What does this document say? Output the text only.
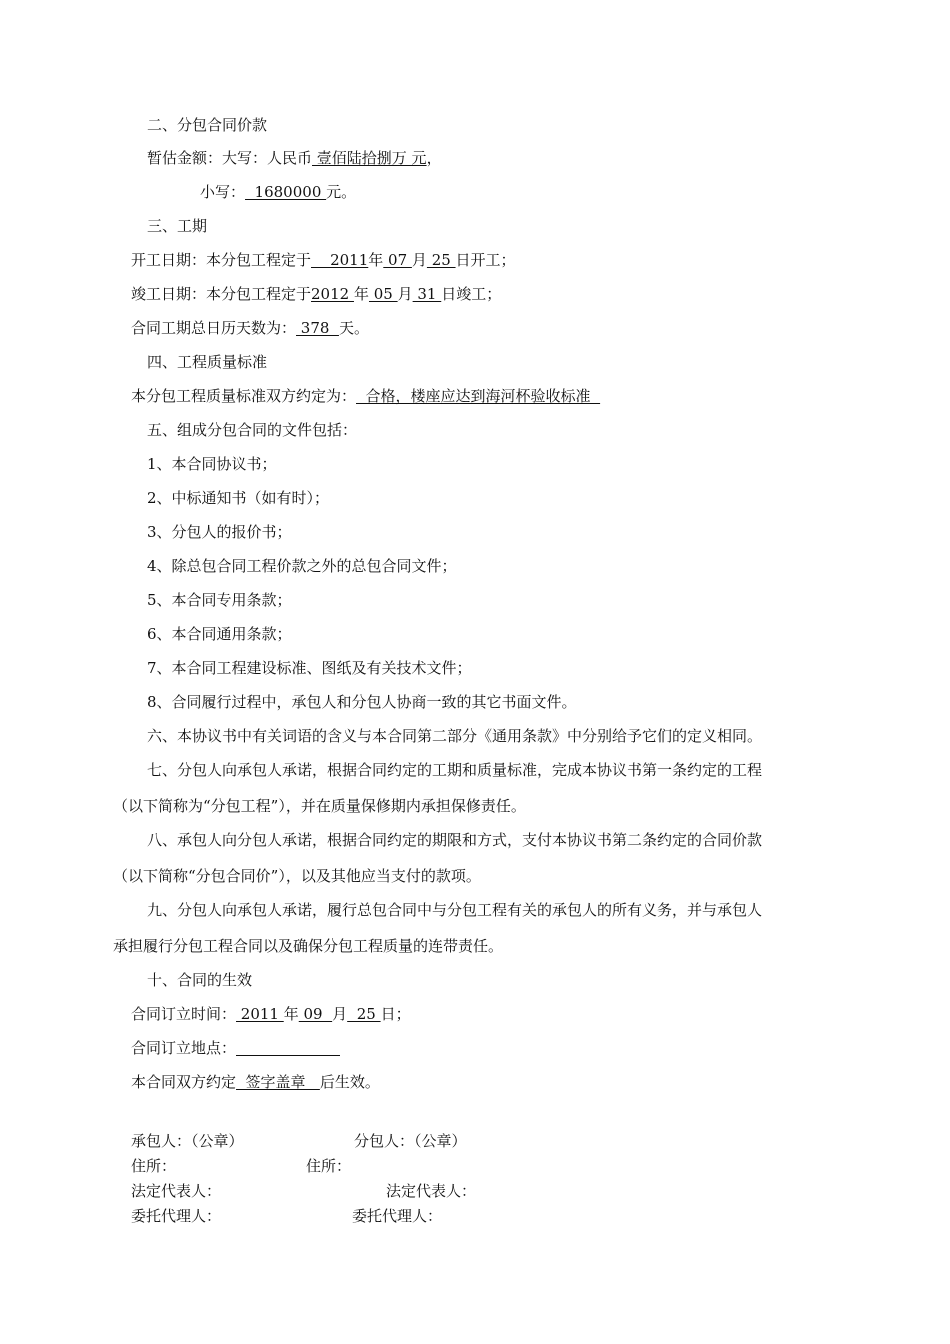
二、分包合同价款
暂估金额：大写：人民币 壹佰陆拾捌万 元，
小写：  1680000 元。
三、工期
开工日期：本分包工程定于    2011年 07 月 25 日开工；
竣工日期：本分包工程定于2012 年 05 月 31 日竣工；
合同工期总日历天数为： 378  天。
四、工程质量标准
本分包工程质量标准双方约定为：  合格，楼座应达到海河杯验收标准
五、组成分包合同的文件包括：
1、本合同协议书；
2、中标通知书（如有时）；
3、分包人的报价书；
4、除总包合同工程价款之外的总包合同文件；
5、本合同专用条款；
6、本合同通用条款；
7、本合同工程建设标准、图纸及有关技术文件；
8、合同履行过程中，承包人和分包人协商一致的其它书面文件。
六、本协议书中有关词语的含义与本合同第二部分《通用条款》中分别给予它们的定义相同。
七、分包人向承包人承诺，根据合同约定的工期和质量标准，完成本协议书第一条约定的工程
（以下简称为“分包工程”），并在质量保修期内承担保修责任。
八、承包人向分包人承诺，根据合同约定的期限和方式，支付本协议书第二条约定的合同价款
（以下简称“分包合同价”），以及其他应当支付的款项。
九、分包人向承包人承诺，履行总包合同中与分包工程有关的承包人的所有义务，并与承包人
承担履行分包工程合同以及确保分包工程质量的连带责任。
十、合同的生效
合同订立时间： 2011 年 09  月  25 日；
合同订立地点：
本合同双方约定  签字盖章   后生效。
承包人：（公章）	分包人：（公章）
住所：	住所：
法定代表人：	法定代表人：
委托代理人：	委托代理人：
